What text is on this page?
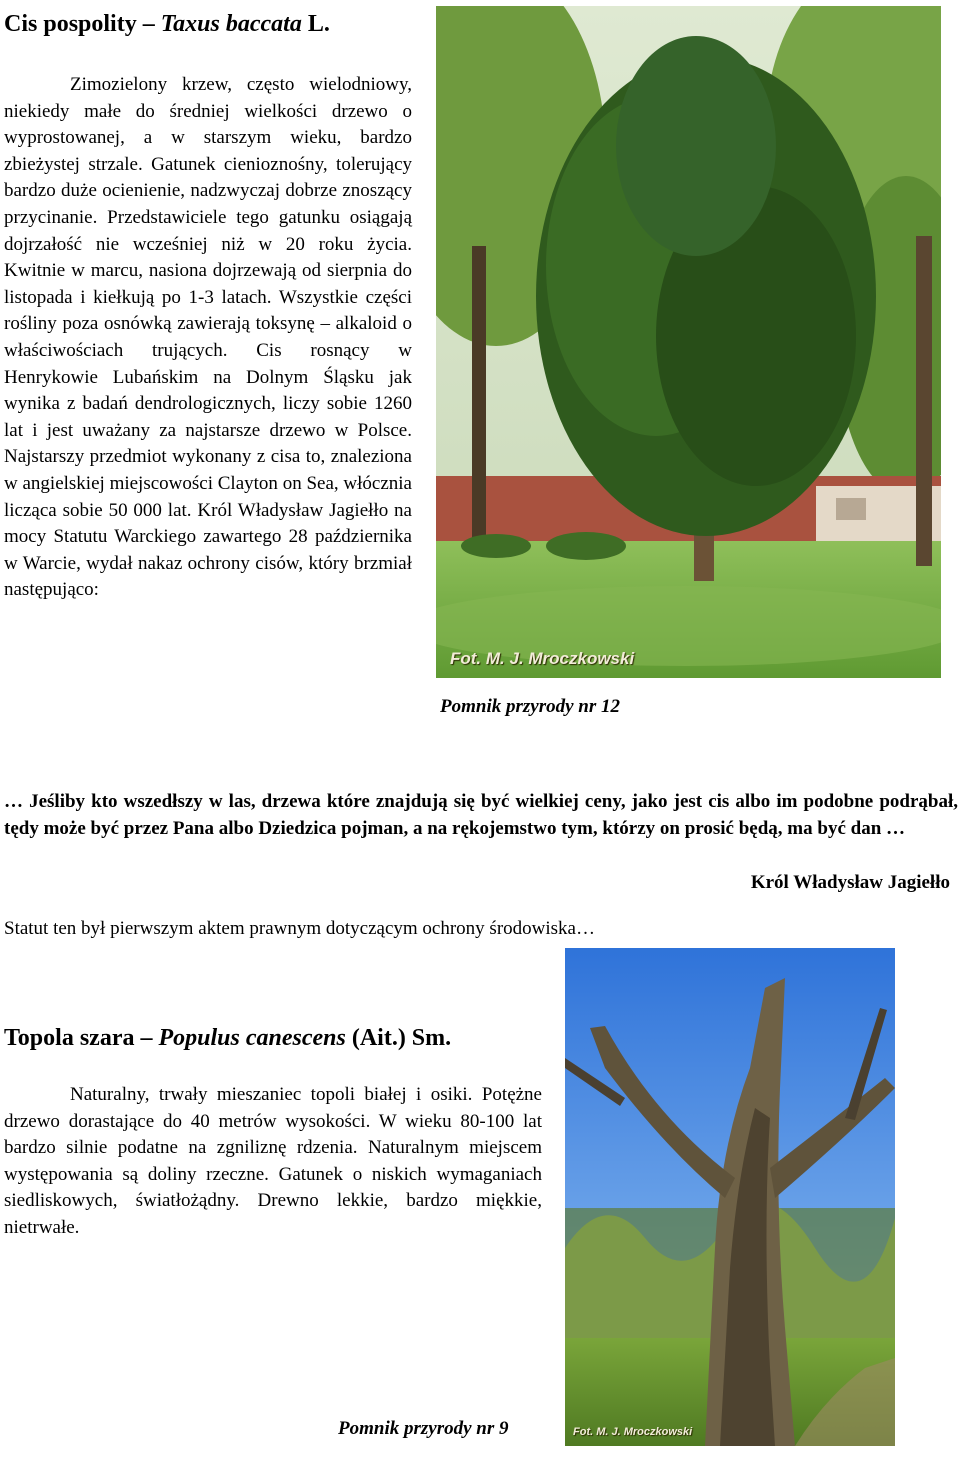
Cis pospolity – Taxus baccata L.

Zimozielony krzew, często wielodniowy, niekiedy małe do średniej wielkości drzewo o wyprostowanej, a w starszym wieku, bardzo zbieżystej strzale. Gatunek cienioznośny, tolerujący bardzo duże ocienienie, nadzwyczaj dobrze znoszący przycinanie. Przedstawiciele tego gatunku osiągają dojrzałość nie wcześniej niż w 20 roku życia. Kwitnie w marcu, nasiona dojrzewają od sierpnia do listopada i kiełkują po 1-3 latach. Wszystkie części rośliny poza osnówką zawierają toksynę – alkaloid o właściwościach trujących. Cis rosnący w Henrykowie Lubańskim na Dolnym Śląsku jak wynika z badań dendrologicznych, liczy sobie 1260 lat i jest uważany za najstarsze drzewo w Polsce. Najstarszy przedmiot wykonany z cisa to, znaleziona w angielskiej miejscowości Clayton on Sea, włócznia licząca sobie 50 000 lat. Król Władysław Jagiełło na mocy Statutu Warckiego zawartego 28 października w Warcie, wydał nakaz ochrony cisów, który brzmiał następująco:

Fot. M. J. Mroczkowski
Pomnik przyrody nr 12
… Jeśliby kto wszedłszy w las, drzewa które znajdują się być wielkiej ceny, jako jest cis albo im podobne podrąbał, tędy może być przez Pana albo Dziedzica pojman, a na rękojemstwo tym, którzy on prosić będą, ma być dan …
Król Władysław Jagiełło
Statut ten był pierwszym aktem prawnym dotyczącym ochrony środowiska…
Topola szara – Populus canescens (Ait.) Sm.

Naturalny, trwały mieszaniec topoli białej i osiki. Potężne drzewo dorastające do 40 metrów wysokości. W wieku 80-100 lat bardzo silnie podatne na zgniliznę rdzenia. Naturalnym miejscem występowania są doliny rzeczne. Gatunek o niskich wymaganiach siedliskowych, światłożądny. Drewno lekkie, bardzo miękkie, nietrwałe.

Fot. M. J. Mroczkowski
Pomnik przyrody nr 9
